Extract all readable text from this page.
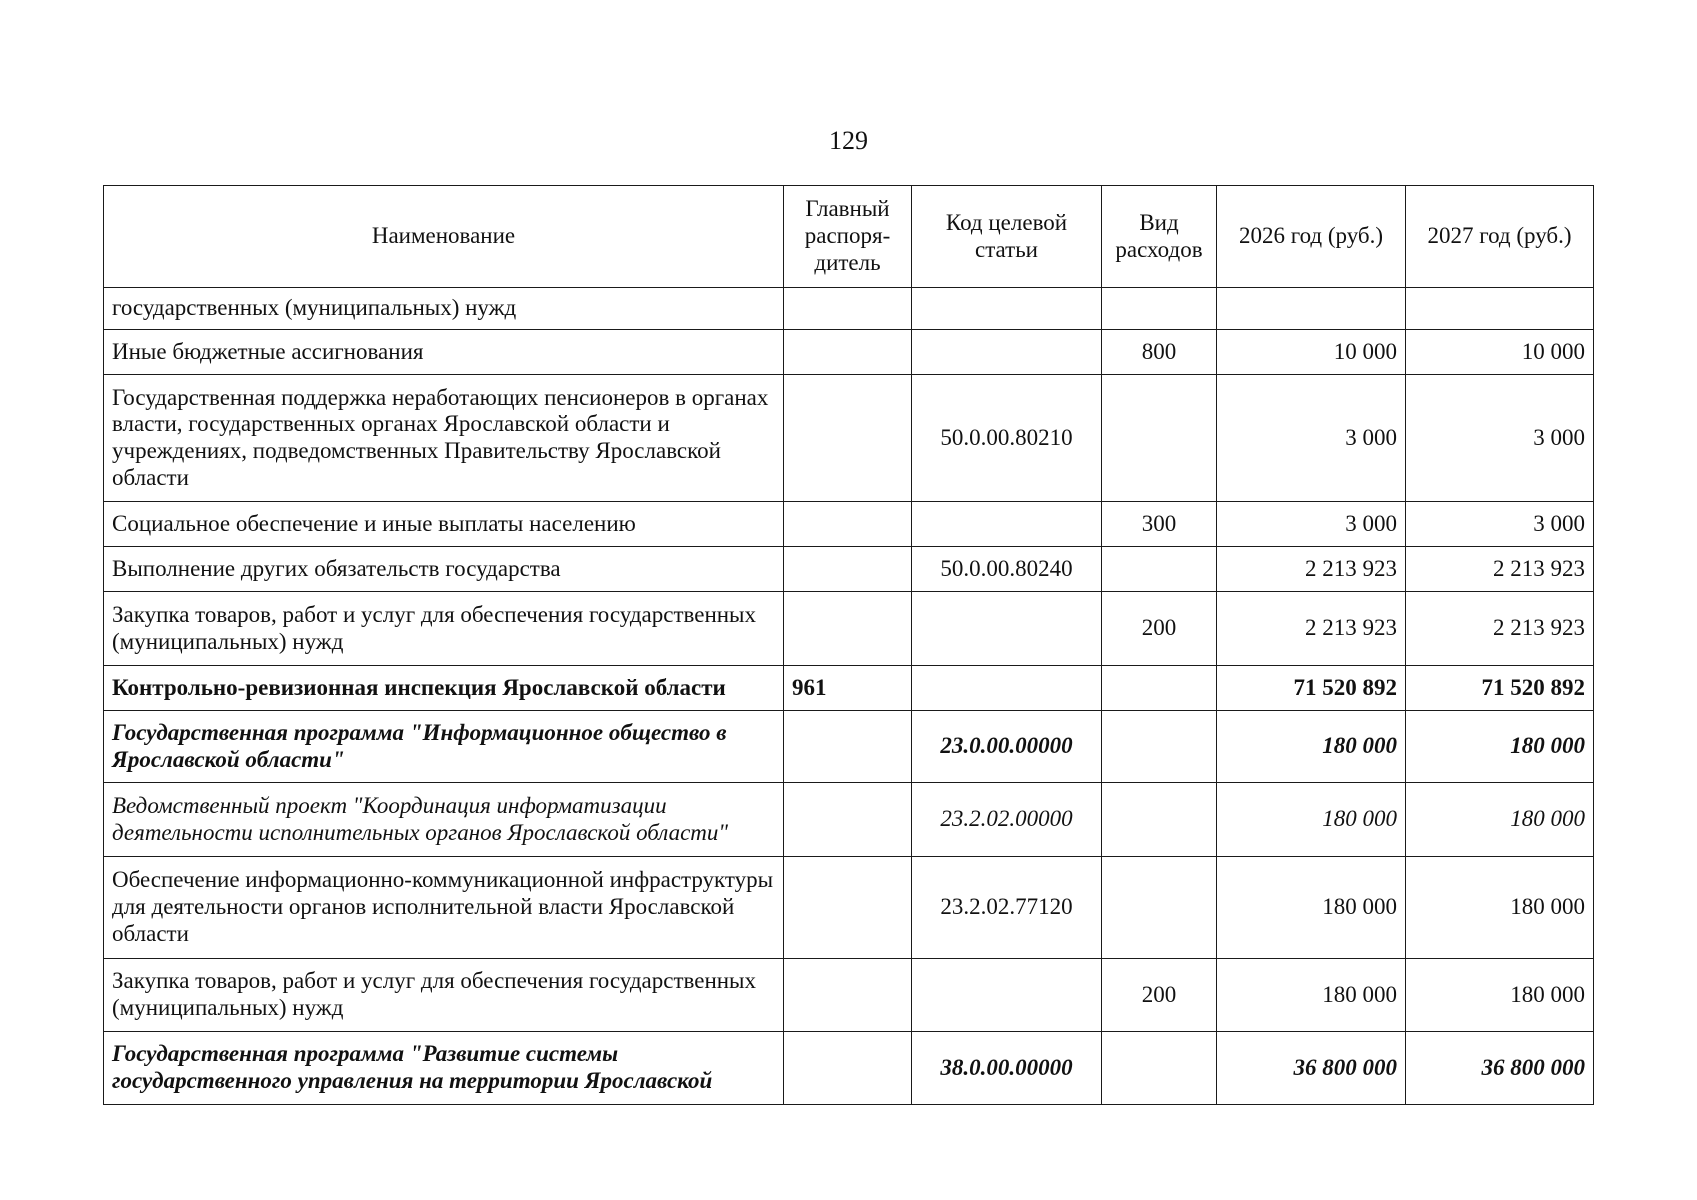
129
Наименование	Главный распоря-дитель	Код целевой статьи	Вид расходов	2026 год (руб.)	2027 год (руб.)
государственных (муниципальных) нужд					
Иные бюджетные ассигнования			800	10 000	10 000
Государственная поддержка неработающих пенсионеров в органах власти, государственных органах Ярославской области и учреждениях, подведомственных Правительству Ярославской области		50.0.00.80210		3 000	3 000
Социальное обеспечение и иные выплаты населению			300	3 000	3 000
Выполнение других обязательств государства		50.0.00.80240		2 213 923	2 213 923
Закупка товаров, работ и услуг для обеспечения государственных (муниципальных) нужд			200	2 213 923	2 213 923
Контрольно-ревизионная инспекция Ярославской области	961			71 520 892	71 520 892
Государственная программа "Информационное общество в Ярославской области"		23.0.00.00000		180 000	180 000
Ведомственный проект "Координация информатизации деятельности исполнительных органов Ярославской области"		23.2.02.00000		180 000	180 000
Обеспечение информационно-коммуникационной инфраструктуры для деятельности органов исполнительной власти Ярославской области		23.2.02.77120		180 000	180 000
Закупка товаров, работ и услуг для обеспечения государственных (муниципальных) нужд			200	180 000	180 000
Государственная программа "Развитие системы государственного управления на территории Ярославской		38.0.00.00000		36 800 000	36 800 000
